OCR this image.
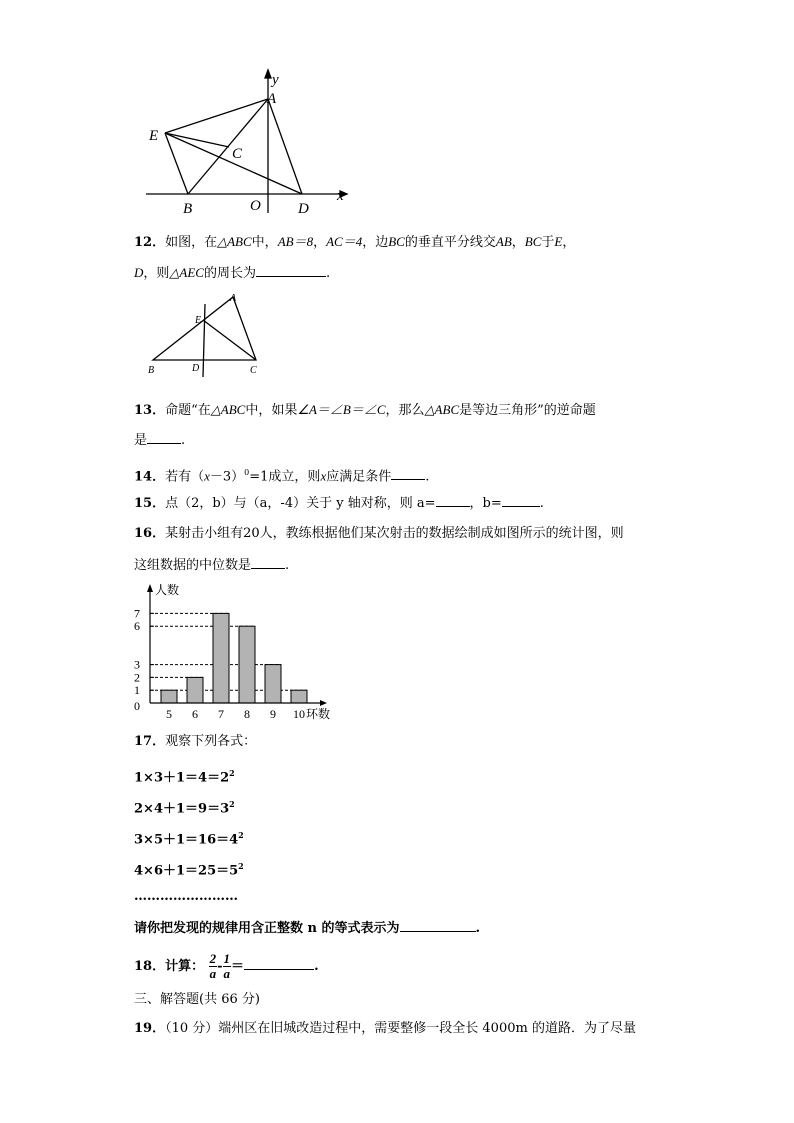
y
x
A
E
C
B	O D
12．如图，在△ABC中，AB＝8，AC＝4，边BC的垂直平分线交AB，BC于E，
D，则△AEC的周长为	.
A
E
B	D	C
13．命题“在△ABC中，如果∠A＝∠B＝∠C，那么△ABC是等边三角形”的逆命题
是	.
14．若有$(x-3)^0=1$成立，则x应满足条件	.
15．点（2，b）与（a，-4）关于 y 轴对称，则 a=	，b=	.
16．某射击小组有20人，教练根据他们某次射击的数据绘制成如图所示的统计图，则
这组数据的中位数是	.
0
1
2
3
6
7
5 6 7 8 9 10
人数
环数
17．观察下列各式：
$1\times 3+1=4=2^2$
$2\times 4+1=9=3^2$
$3\times 5+1=16=4^2$
$4\times 6+1=25=5^2$
……………………
请你把发现的规律用含正整数 n 的等式表示为	.
18．计算： $\frac{2}{a} - \frac{1}{a}$ ＝	.
三、解答题(共 66 分)
19．（10 分）端州区在旧城改造过程中，需要整修一段全长 4000m 的道路．为了尽量
